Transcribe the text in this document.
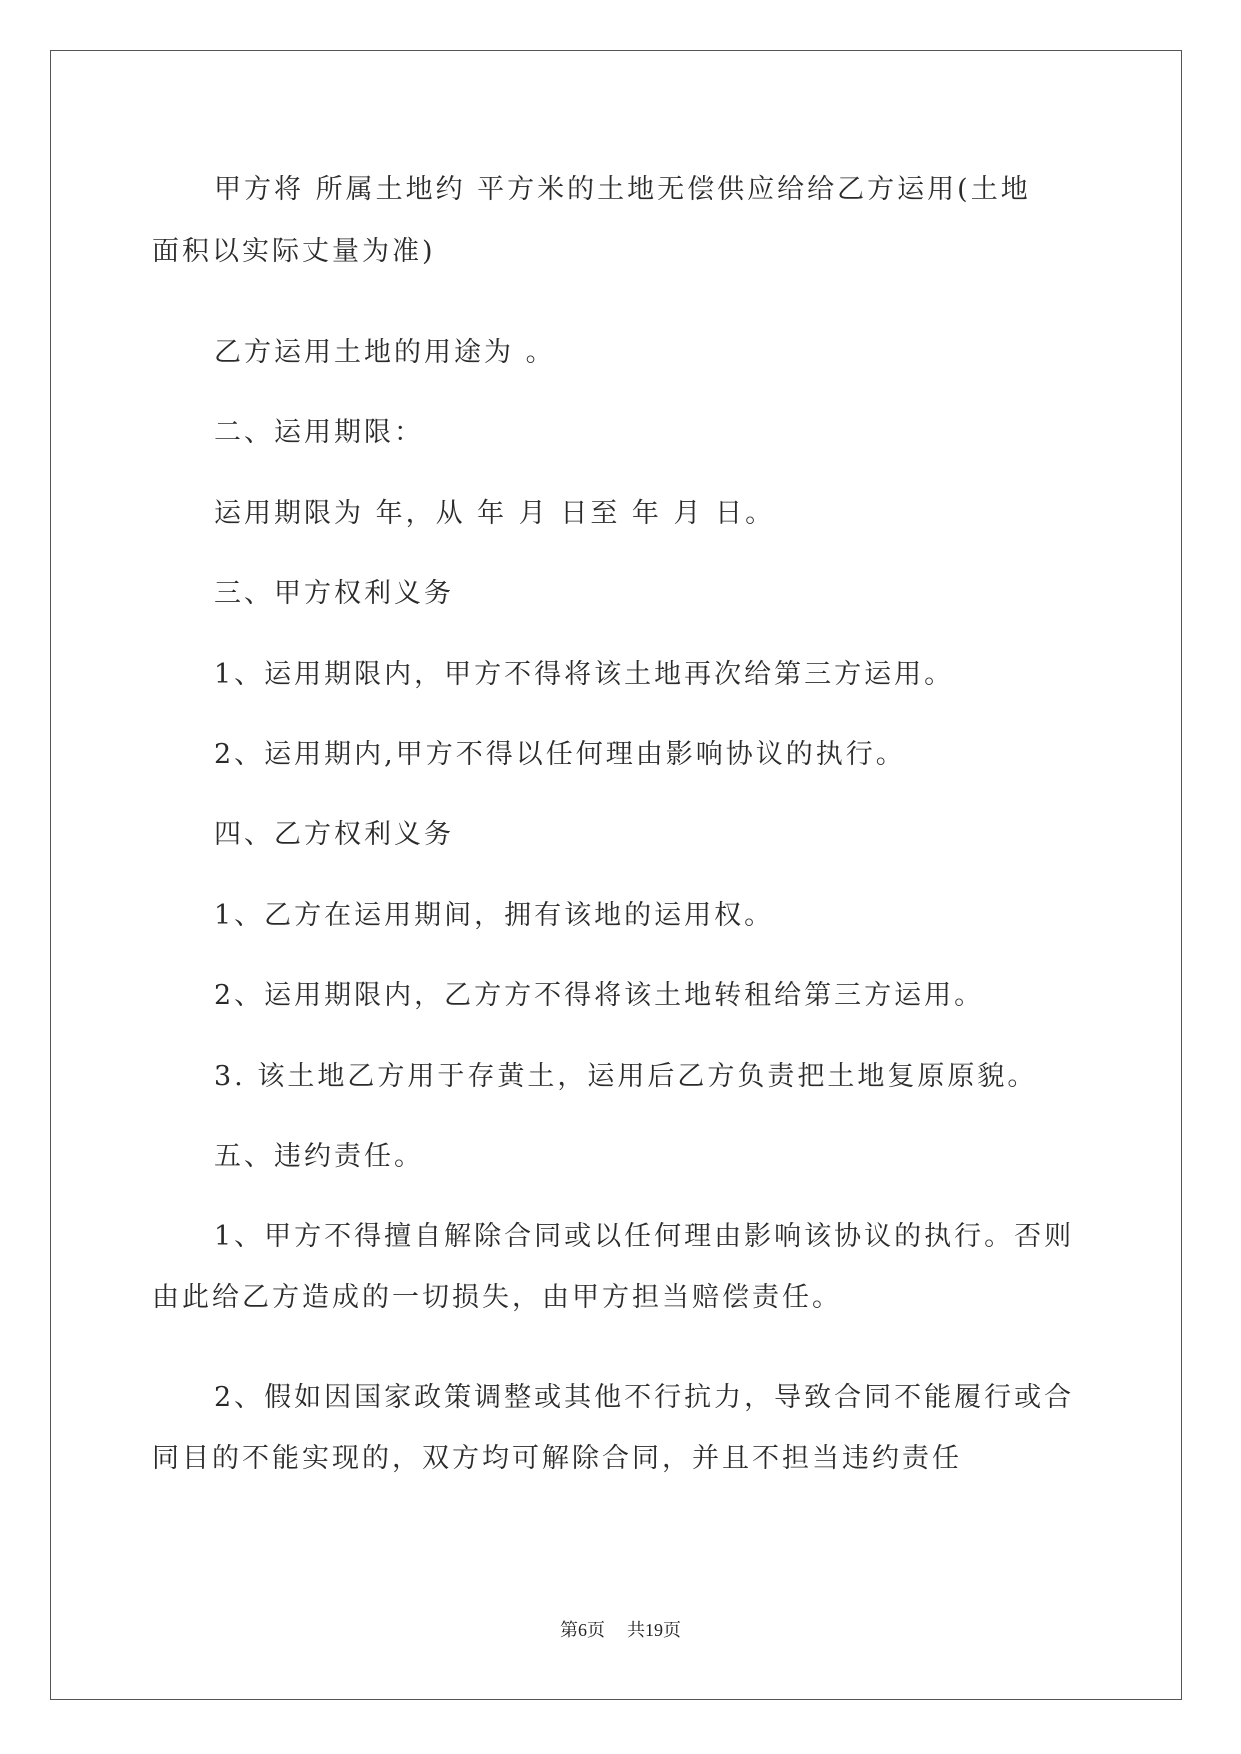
甲方将 所属土地约 平方米的土地无偿供应给给乙方运用(土地
面积以实际丈量为准)
乙方运用土地的用途为 。
二、运用期限：
运用期限为 年，从 年 月 日至 年 月 日。
三、甲方权利义务
1、运用期限内，甲方不得将该土地再次给第三方运用。
2、运用期内,甲方不得以任何理由影响协议的执行。
四、乙方权利义务
1、乙方在运用期间，拥有该地的运用权。
2、运用期限内，乙方方不得将该土地转租给第三方运用。
3. 该土地乙方用于存黄土，运用后乙方负责把土地复原原貌。
五、违约责任。
1、甲方不得擅自解除合同或以任何理由影响该协议的执行。否则
由此给乙方造成的一切损失，由甲方担当赔偿责任。
2、假如因国家政策调整或其他不行抗力，导致合同不能履行或合
同目的不能实现的，双方均可解除合同，并且不担当违约责任
第6页 共19页
